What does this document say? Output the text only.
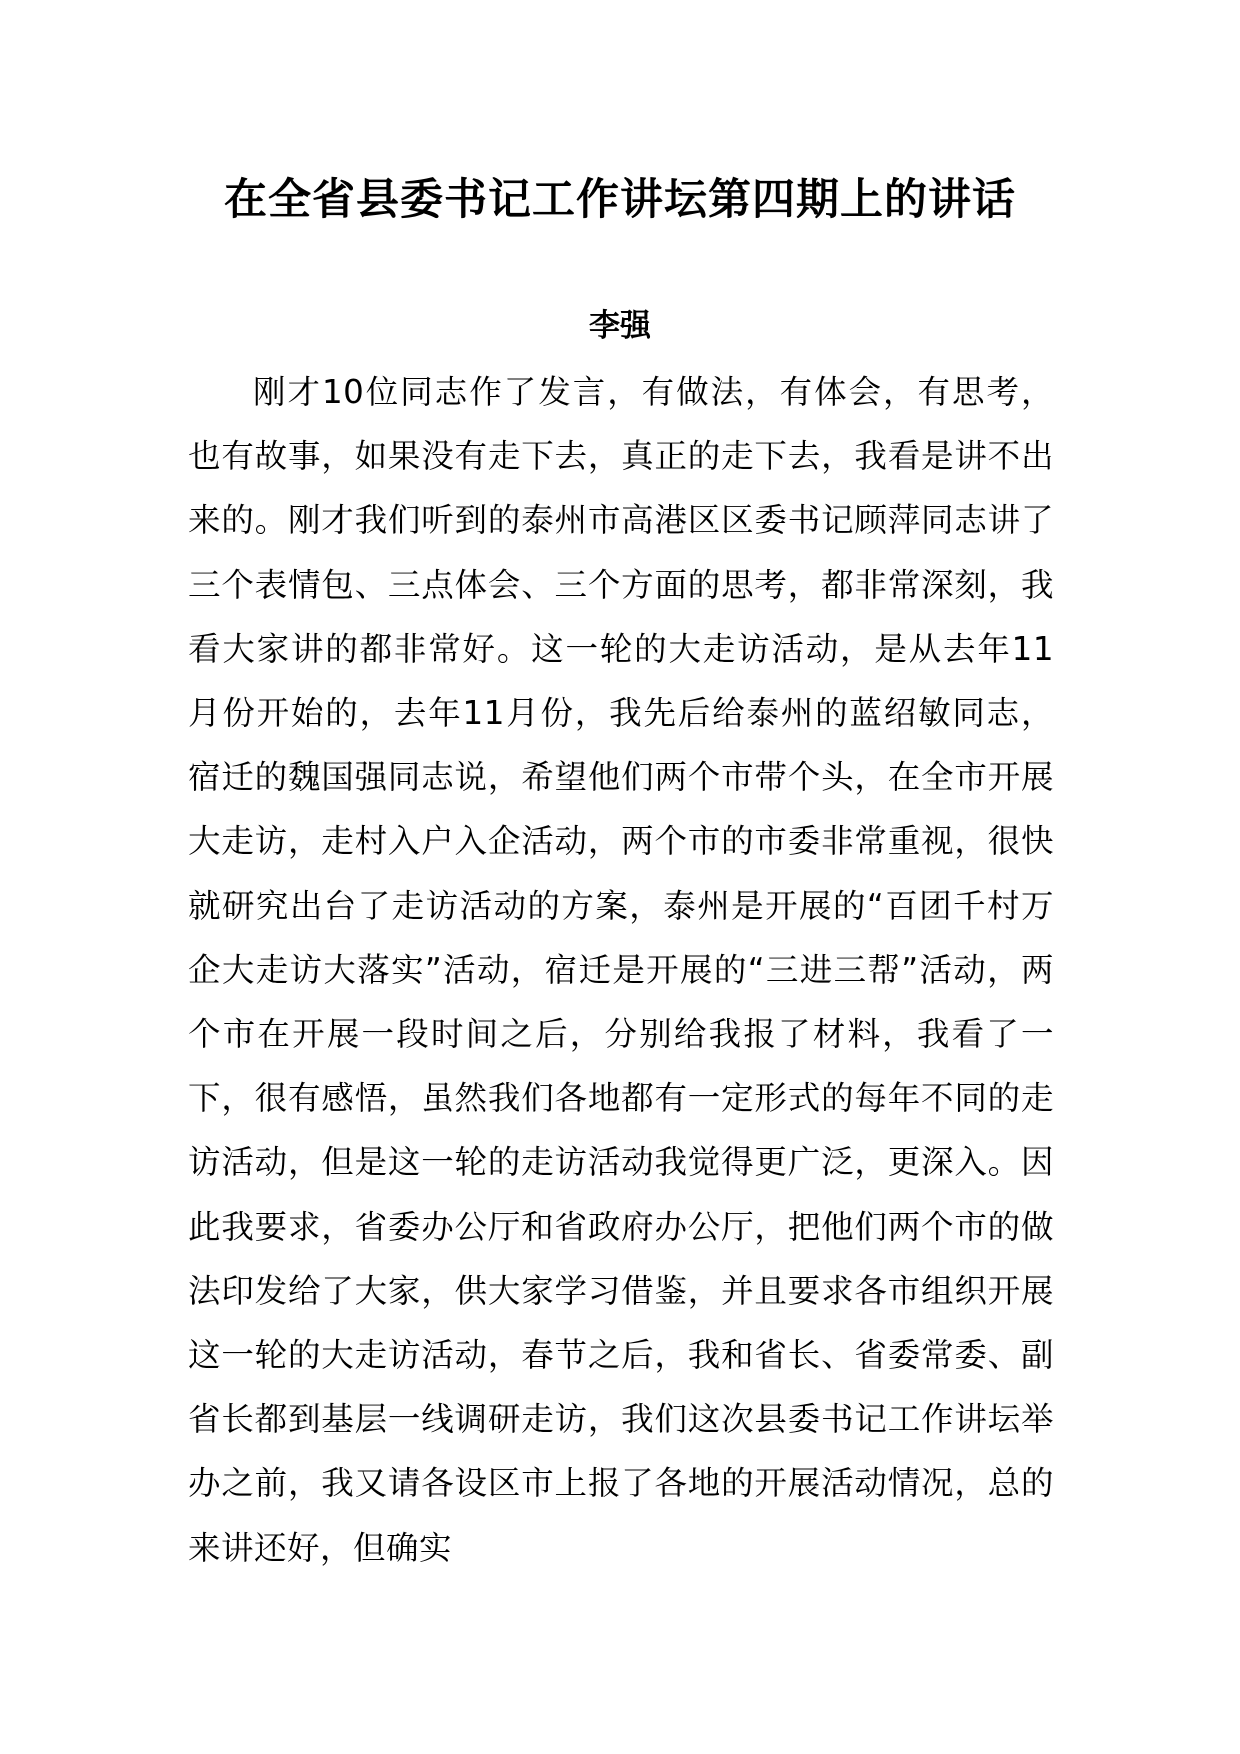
在全省县委书记工作讲坛第四期上的讲话
李强

刚才10位同志作了发言，有做法，有体会，有思考，也有故事，如果没有走下去，真正的走下去，我看是讲不出来的。刚才我们听到的泰州市高港区区委书记顾萍同志讲了三个表情包、三点体会、三个方面的思考，都非常深刻，我看大家讲的都非常好。这一轮的大走访活动，是从去年11月份开始的，去年11月份，我先后给泰州的蓝绍敏同志，宿迁的魏国强同志说，希望他们两个市带个头，在全市开展大走访，走村入户入企活动，两个市的市委非常重视，很快就研究出台了走访活动的方案，泰州是开展的“百团千村万企大走访大落实”活动，宿迁是开展的“三进三帮”活动，两个市在开展一段时间之后，分别给我报了材料，我看了一下，很有感悟，虽然我们各地都有一定形式的每年不同的走访活动，但是这一轮的走访活动我觉得更广泛，更深入。因此我要求，省委办公厅和省政府办公厅，把他们两个市的做法印发给了大家，供大家学习借鉴，并且要求各市组织开展这一轮的大走访活动，春节之后，我和省长、省委常委、副省长都到基层一线调研走访，我们这次县委书记工作讲坛举办之前，我又请各设区市上报了各地的开展活动情况，总的来讲还好，但确实
